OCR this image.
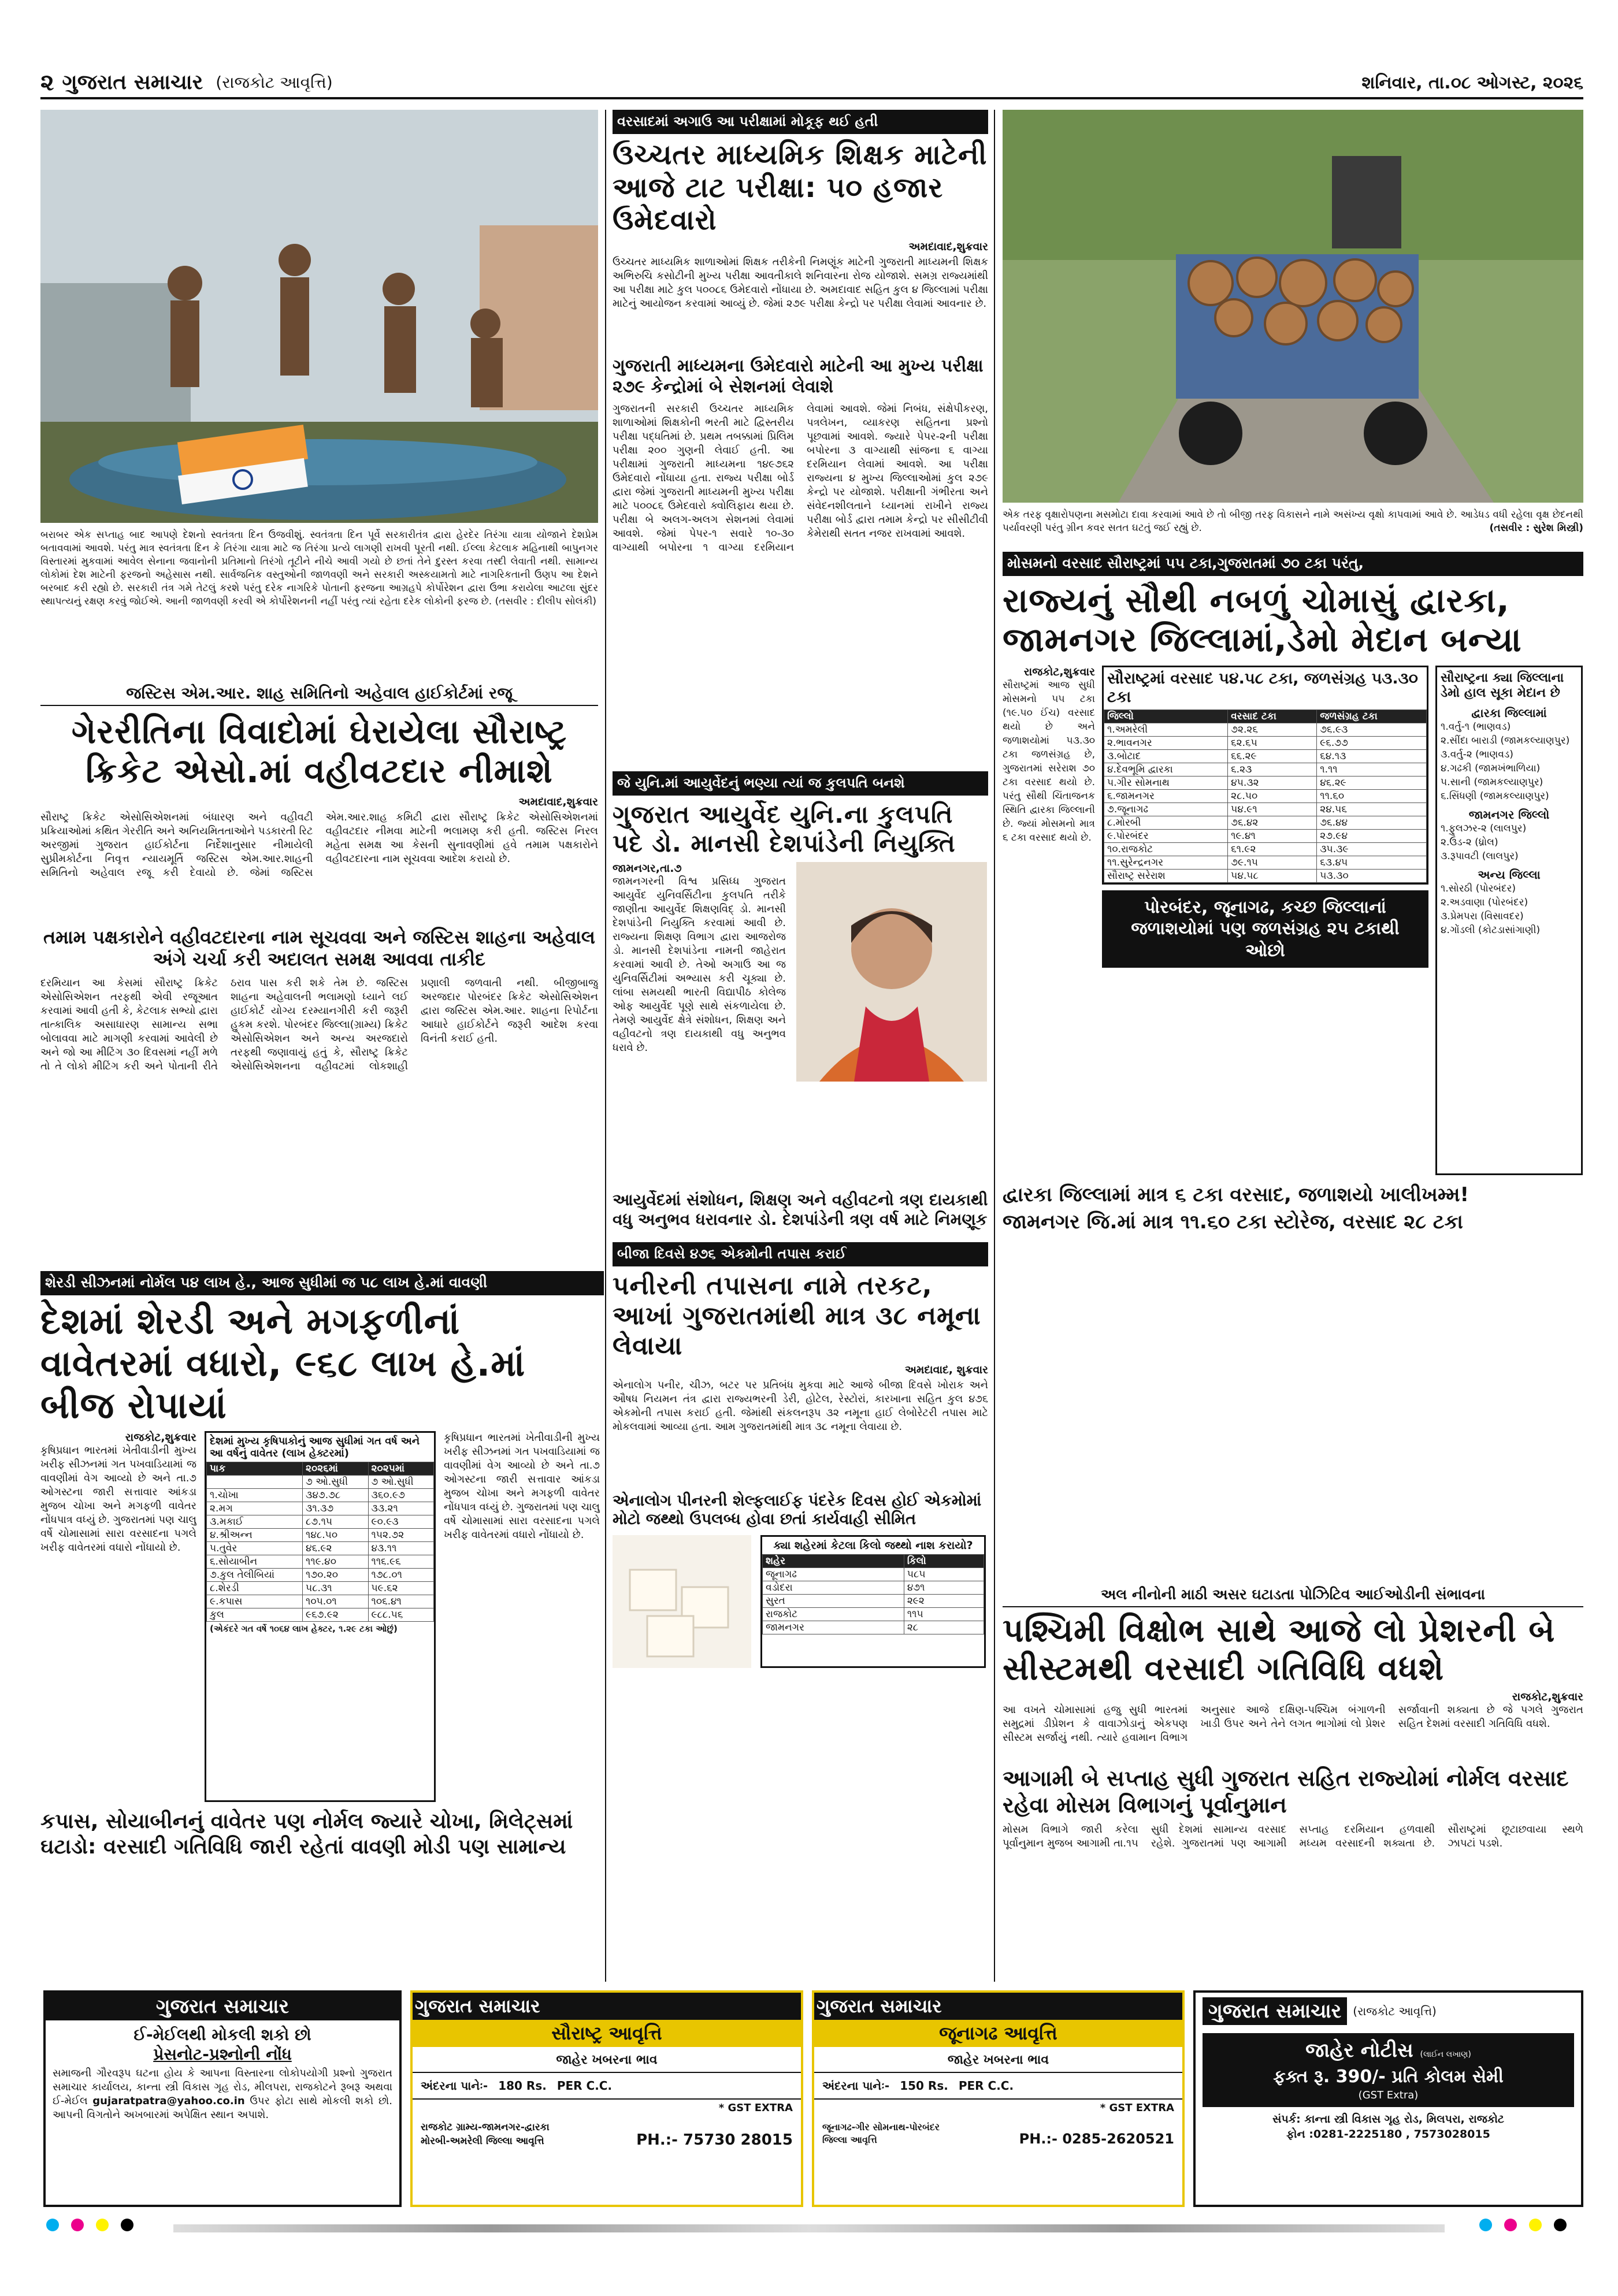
૨ ગુજરાત સમાચાર (રાજકોટ આવૃત્તિ)	શનિવાર, તા.૦૮ ઓગસ્ટ, ૨૦૨૬
બરાબર એક સપ્તાહ બાદ આપણે દેશનો સ્વતંત્રતા દિન ઉજવીશું. સ્વતંત્રતા દિન પૂર્વે સરકારીતંત્ર દ્વારા હેરદેર તિરંગા યાત્રા યોજાને દેશપ્રેમ બતાવવામાં આવશે. પરંતુ માત્ર સ્વતંત્રતા દિન કે તિરંગા યાત્રા માટે જ તિરંગા પ્રત્યે લાગણી રાખવી પૂરતી નથી. ઈલ્લા કેટલાક મહિનાથી બાપુનગર વિસ્તારમાં મુકવામાં આવેલ સેનાના જવાનોની પ્રતિમાનો તિરંગો તૂટીને નીચે આવી ગયો છે છતાં તેને દુરસ્ત કરવા તસ્દી લેવાતી નથી. સામાન્ય લોકોમાં દેશ માટેની ફરજનો અહેસાસ નથી. સાર્વજનિક વસ્તુઓની જાળવણી અને સરકારી અસ્કયામતો માટે નાગરિકતાની ઉણપ આ દેશને બરબાદ કરી રહ્યો છે. સરકારી તંત્ર ગમે તેટલું કરશે પરંતુ દરેક નાગરિકે પોતાની ફરજના આગ્રહપે કોર્પોરેશન દ્વારા ઉભા કરાયેલા આટલા સુંદર સ્થાપત્યનું રક્ષણ કરવું જોઈએ. આની જાળવણી કરવી એ કોર્પોરેશનની નહીં પરંતુ ત્યાં રહેતા દરેક લોકોની ફરજ છે. (તસવીર : દીલીપ સોલંકી)
જસ્ટિસ એમ.આર. શાહ સમિતિનો અહેવાલ હાઈકોર્ટમાં રજૂ
ગેરરીતિના વિવાદોમાં ઘેરાયેલા સૌરાષ્ટ્ર ક્રિકેટ એસો.માં વહીવટદાર નીમાશે
અમદાવાદ,શુક્રવાર
સૌરાષ્ટ્ર ક્રિકેટ એસોસિએશનમાં બંધારણ અને વહીવટી પ્રક્રિયાઓમાં કથિત ગેરરીતિ અને અનિયમિતતાઓને પડકારતી રિટ અરજીમાં ગુજરાત હાઈકોર્ટના નિર્દેશાનુસાર નીમાયેલી સુપ્રીમકોર્ટના નિવૃત્ત ન્યાયમૂર્તિ જસ્ટિસ એમ.આર.શાહની સમિતિનો અહેવાલ રજૂ કરી દેવાયો છે. જેમાં જસ્ટિસ એમ.આર.શાહ કમિટી દ્વારા સૌરાષ્ટ્ર ક્રિકેટ એસોસિએશનમાં વહીવટદાર નીમવા માટેની ભલામણ કરી હતી. જસ્ટિસ નિરલ મહેતા સમક્ષ આ કેસની સુનાવણીમાં હવે તમામ પક્ષકારોને વહીવટદારના નામ સૂચવવા આદેશ કરાયો છે.
તમામ પક્ષકારોને વહીવટદારના નામ સૂચવવા અને જસ્ટિસ શાહના અહેવાલ અંગે ચર્ચા કરી અદાલત સમક્ષ આવવા તાકીદ
દરમિયાન આ કેસમાં સૌરાષ્ટ્ર ક્રિકેટ એસોસિએશન તરફથી એવી રજૂઆત કરવામાં આવી હતી કે, કેટલાક સભ્યો દ્વારા તાત્કાલિક અસાધારણ સામાન્ય સભા બોલાવવા માટે માગણી કરવામાં આવેલી છે અને જો આ મીટિંગ ૩૦ દિવસમાં નહીં મળે તો તે લોકો મીટિંગ કરી અને પોતાની રીતે ઠરાવ પાસ કરી શકે તેમ છે. જસ્ટિસ શાહના અહેવાલની ભલામણો ધ્યાને લઈ હાઈકોર્ટ યોગ્ય દરમ્યાનગીરી કરી જરૂરી હુકમ કરશે. પોરબંદર જિલ્લા(ગ્રામ્ય) ક્રિકેટ એસોસિએશન અને અન્ય અરજદારો તરફથી જણાવાયું હતું કે, સૌરાષ્ટ્ર ક્રિકેટ એસોસિએશનના વહીવટમાં લોકશાહી પ્રણાલી જળવાતી નથી. બીજીબાજુ અરજદાર પોરબંદર ક્રિકેટ એસોસિએશન દ્વારા જસ્ટિસ એમ.આર. શાહના રિપોર્ટના આધારે હાઈકોર્ટને જરૂરી આદેશ કરવા વિનંતી કરાઈ હતી.
વરસાદમાં અગાઉ આ પરીક્ષામાં મોકૂફ થઈ હતી
ઉચ્ચતર માધ્યમિક શિક્ષક માટેની આજે ટાટ પરીક્ષા: ૫૦ હજાર ઉમેદવારો
અમદાવાદ,શુક્રવાર
ઉચ્ચતર માધ્યમિક શાળાઓમાં શિક્ષક તરીકેની નિમણૂંક માટેની ગુજરાતી માધ્યમની શિક્ષક અભિરુચિ કસોટીની મુખ્ય પરીક્ષા આવતીકાલે શનિવારના રોજ યોજાશે. સમગ્ર રાજ્યમાંથી આ પરીક્ષા માટે કુલ ૫૦૦૮૬ ઉમેદવારો નોંધાયા છે. અમદાવાદ સહિત કુલ ૪ જિલ્લામાં પરીક્ષા માટેનું આયોજન કરવામાં આવ્યું છે. જેમાં ૨૭૯ પરીક્ષા કેન્દ્રો પર પરીક્ષા લેવામાં આવનાર છે.
ગુજરાતી માધ્યમના ઉમેદવારો માટેની આ મુખ્ય પરીક્ષા ૨૭૯ કેન્દ્રોમાં બે સેશનમાં લેવાશે
ગુજરાતની સરકારી ઉચ્ચતર માધ્યમિક શાળાઓમાં શિક્ષકોની ભરતી માટે દ્વિસ્તરીય પરીક્ષા પદ્ધતિમાં છે. પ્રથમ તબક્કામાં પ્રિલિમ પરીક્ષા ૨૦૦ ગુણની લેવાઈ હતી. આ પરીક્ષામાં ગુજરાતી માધ્યમના ૧૪૯૭૬૨ ઉમેદવારો નોંધાયા હતા. રાજ્ય પરીક્ષા બોર્ડ દ્વારા જેમાં ગુજરાતી માધ્યમની મુખ્ય પરીક્ષા માટે ૫૦૦૮૬ ઉમેદવારો ક્વોલિફાય થયા છે. પરીક્ષા બે અલગ-અલગ સેશનમાં લેવામાં આવશે. જેમાં પેપર-૧ સવારે ૧૦-૩૦ વાગ્યાથી બપોરના ૧ વાગ્યા દરમિયાન લેવામાં આવશે. જેમાં નિબંધ, સંક્ષેપીકરણ, પત્રલેખન, વ્યાકરણ સહિતના પ્રશ્નો પૂછવામાં આવશે. જ્યારે પેપર-૨ની પરીક્ષા બપોરના ૩ વાગ્યાથી સાંજના ૬ વાગ્યા દરમિયાન લેવામાં આવશે. આ પરીક્ષા રાજ્યના ૪ મુખ્ય જિલ્લાઓમાં કુલ ૨૭૯ કેન્દ્રો પર યોજાશે. પરીક્ષાની ગંભીરતા અને સંવેદનશીલતાને ધ્યાનમાં રાખીને રાજ્ય પરીક્ષા બોર્ડ દ્વારા તમામ કેન્દ્રો પર સીસીટીવી કેમેરાથી સતત નજર રાખવામાં આવશે.
જે યુનિ.માં આયુર્વેદનું ભણ્યા ત્યાં જ કુલપતિ બનશે
ગુજરાત આયુર્વેદ યુનિ.ના કુલપતિ પદે ડો. માનસી દેશપાંડેની નિયુક્તિ
જામનગર,તા.૭
જામનગરની વિશ્વ પ્રસિધ્ધ ગુજરાત આયુર્વેદ યુનિવર્સિટીના કુલપતિ તરીકે જાણીતા આયુર્વેદ શિક્ષણવિદ્ ડો. માનસી દેશપાંડેની નિયુક્તિ કરવામાં આવી છે. રાજ્યના શિક્ષણ વિભાગ દ્વારા આજરોજ ડો. માનસી દેશપાંડેના નામની જાહેરાત કરવામાં આવી છે. તેઓ અગાઉ આ જ યુનિવર્સિટીમાં અભ્યાસ કરી ચૂક્યા છે. લાંબા સમયથી ભારતી વિદ્યાપીઠ કોલેજ ઓફ આયુર્વેદ પૂણે સાથે સંકળાયેલા છે. તેમણે આયુર્વેદ ક્ષેત્રે સંશોધન, શિક્ષણ અને વહીવટનો ત્રણ દાયકાથી વધુ અનુભવ ધરાવે છે.
આયુર્વેદમાં સંશોધન, શિક્ષણ અને વહીવટનો ત્રણ દાયકાથી વધુ અનુભવ ધરાવનાર ડો. દેશપાંડેની ત્રણ વર્ષ માટે નિમણૂક
બીજા દિવસે ૪૭૬ એકમોની તપાસ કરાઈ
પનીરની તપાસના નામે તરકટ, આખાં ગુજરાતમાંથી માત્ર ૩૮ નમૂના લેવાયા
અમદાવાદ, શુક્રવાર
એનાલોગ પનીર, ચીઝ, બટર પર પ્રતિબંધ મુકવા માટે આજે બીજા દિવસે ખોરાક અને ઔષધ નિયમન તંત્ર દ્વારા રાજ્યભરની ડેરી, હોટેલ, રેસ્ટોરાં, કારખાના સહિત કુલ ૪૭૬ એકમોની તપાસ કરાઈ હતી. જેમાંથી સંકલનરૂપ ૩૨ નમૂના હાઈ લેબોરેટરી તપાસ માટે મોકલવામાં આવ્યા હતા. આમ ગુજરાતમાંથી માત્ર ૩૮ નમૂના લેવાયા છે.
એનાલોગ પીનરની શેલ્ફલાઈફ પંદરેક દિવસ હોઈ એકમોમાં મોટો જથ્થો ઉપલબ્ધ હોવા છતાં કાર્યવાહી સીમિત
ક્યા શહેરમાં કેટલા કિલો જથ્થો નાશ કરાયો?
શહેર	કિલો
જૂનાગઢ	૫૮૫
વડોદરા	૪૭૧
સુરત	૨૯૨
રાજકોટ	૧૧૫
જામનગર	૨૮
શેરડી સીઝનમાં નોર્મલ ૫૪ લાખ હે., આજ સુધીમાં જ ૫૮ લાખ હે.માં વાવણી
દેશમાં શેરડી અને મગફળીનાં વાવેતરમાં વધારો, ૯૬૮ લાખ હે.માં બીજ રોપાયાં
રાજકોટ,શુક્રવાર
કૃષિપ્રધાન ભારતમાં ખેતીવાડીની મુખ્ય ખરીફ સીઝનમાં ગત પખવાડિયામાં જ વાવણીમાં વેગ આવ્યો છે અને તા.૭ ઓગસ્ટના જારી સત્તાવાર આંકડા મુજબ ચોખા અને મગફળી વાવેતર નોંધપાત્ર વધ્યું છે. ગુજરાતમાં પણ ચાલુ વર્ષે ચોમાસામાં સારા વરસાદના પગલે ખરીફ વાવેતરમાં વધારો નોંધાયો છે.
દેશમાં મુખ્ય કૃષિપાકોનું આજ સુધીમાં ગત વર્ષ અને આ વર્ષનું વાવેતર (લાખ હેક્ટરમાં)
પાક	૨૦૨૬માં	૨૦૨૫માં
	૭ ઓ.સુધી	૭ ઓ.સુધી
૧.ચોખા	૩૪૭.૭૮	૩૬૦.૯૭
૨.મગ	૩૧.૩૭	૩૩.૨૧
૩.મકાઈ	૮૭.૧૫	૯૦.૯૩
૪.શ્રીઅન્ન	૧૪૮.૫૦	૧૫૨.૭૨
૫.તુવેર	૪૬.૯૨	૪૩.૧૧
૬.સોયાબીન	૧૧૯.૪૦	૧૧૬.૯૬
૭.કુલ તેલીબિયાં	૧૭૦.૨૦	૧૭૮.૦૧
૮.શેરડી	૫૮.૩૧	૫૯.૬૨
૯.કપાસ	૧૦૫.૦૧	૧૦૬.૪૧
કુલ	૯૬૭.૯૨	૯૮૮.૫૬
(એકંદરે ગત વર્ષે ૧૦૬૪ લાખ હેક્ટર, ૧.૨૯ ટકા ઓછું)
કૃષિપ્રધાન ભારતમાં ખેતીવાડીની મુખ્ય ખરીફ સીઝનમાં ગત પખવાડિયામાં જ વાવણીમાં વેગ આવ્યો છે અને તા.૭ ઓગસ્ટના જારી સત્તાવાર આંકડા મુજબ ચોખા અને મગફળી વાવેતર નોંધપાત્ર વધ્યું છે. ગુજરાતમાં પણ ચાલુ વર્ષે ચોમાસામાં સારા વરસાદના પગલે ખરીફ વાવેતરમાં વધારો નોંધાયો છે.
કપાસ, સોયાબીનનું વાવેતર પણ નોર્મલ જ્યારે ચોખા, મિલેટ્સમાં ઘટાડો: વરસાદી ગતિવિધિ જારી રહેતાં વાવણી મોડી પણ સામાન્ય
એક તરફ વૃક્ષારોપણના મસમોટા દાવા કરવામાં આવે છે તો બીજી તરફ વિકાસને નામે અસંખ્ય વૃક્ષો કાપવામાં આવે છે. આડેધડ વધી રહેલા વૃક્ષ છેદનથી પર્યાવરણી પરંતુ ગ્રીન કવર સતત ઘટતું જઈ રહ્યું છે.	(તસવીર : સુરેશ મિસ્ત્રી)
મોસમનો વરસાદ સૌરાષ્ટ્રમાં ૫૫ ટકા,ગુજરાતમાં ૭૦ ટકા પરંતુ,
રાજ્યનું સૌથી નબળું ચોમાસું દ્વારકા, જામનગર જિલ્લામાં,ડેમો મેદાન બન્યા
રાજકોટ,શુક્રવાર
સૌરાષ્ટ્રમાં આજ સુધી મોસમનો ૫૫ ટકા (૧૯.૫૦ ઈંચ) વરસાદ થયો છે અને જળાશયોમાં ૫૩.૩૦ ટકા જળસંગ્રહ છે, ગુજરાતમાં સરેરાશ ૭૦ ટકા વરસાદ થયો છે. પરંતુ સૌથી ચિંતાજનક સ્થિતિ દ્વારકા જિલ્લાની છે. જ્યાં મોસમનો માત્ર ૬ ટકા વરસાદ થયો છે.
સૌરાષ્ટ્રમાં વરસાદ ૫૪.૫૮ ટકા, જળસંગ્રહ ૫૩.૩૦ ટકા
જિલ્લો	વરસાદ ટકા	જળસંગ્રહ ટકા
૧.અમરેલી	૭૨.૨૬	૭૬.૯૩
૨.ભાવનગર	૬૨.૬૫	૯૬.૭૭
૩.બોટાદ	૬૬.૨૯	૬૪.૧૩
૪.દેવભૂમિ દ્વારકા	૬.૨૩	૧.૧૧
૫.ગીર સોમનાથ	૪૫.૩૨	૪૬.૨૯
૬.જામનગર	૨૮.૫૦	૧૧.૬૦
૭.જૂનાગઢ	૫૪.૯૧	૨૪.૫૬
૮.મોરબી	૭૬.૪૨	૭૬.૪૪
૯.પોરબંદર	૧૯.૪૧	૨૭.૯૪
૧૦.રાજકોટ	૬૧.૯૨	૩૫.૩૯
૧૧.સુરેન્દ્રનગર	૭૯.૧૫	૬૩.૪૫
સૌરાષ્ટ્ર સરેરાશ	૫૪.૫૮	૫૩.૩૦
પોરબંદર, જૂનાગઢ, કચ્છ જિલ્લાનાં જળાશયોમાં પણ જળસંગ્રહ ૨૫ ટકાથી ઓછો
સૌરાષ્ટ્રના ક્યા જિલ્લાના ડેમો હાલ સૂકા મેદાન છે
દ્વારકા જિલ્લામાં
૧.વર્તુ-૧ (ભાણવડ)
૨.સીંદા બારાડી (જામકલ્યાણપુર)
૩.વર્તુ-૨ (ભાણવડ)
૪.ગઢકી (જામખંભાળિયા)
૫.સાની (જામકલ્યાણપુર)
૬.સિંધણી (જામકલ્યાણપુર)
જામનગર જિલ્લો
૧.ફુલઝર-૨ (લાલપુર)
૨.ઉંડ-૨ (ધ્રોલ)
૩.રૂપાવટી (લાલપુર)
અન્ય જિલ્લા
૧.સોરઠી (પોરબંદર)
૨.અડવાણા (પોરબંદર)
૩.પ્રેમપરા (વિસાવદર)
૪.ગોંડલી (કોટડાસાંગાણી)
દ્વારકા જિલ્લામાં માત્ર ૬ ટકા વરસાદ, જળાશયો ખાલીખમ્મ!
જામનગર જિ.માં માત્ર ૧૧.૬૦ ટકા સ્ટોરેજ, વરસાદ ૨૮ ટકા
અલ નીનોની માઠી અસર ઘટાડતા પોઝિટિવ આઈઓડીની સંભાવના
પશ્ચિમી વિક્ષોભ સાથે આજે લો પ્રેશરની બે સીસ્ટમથી વરસાદી ગતિવિધિ વધશે
રાજકોટ,શુક્રવાર
આ વખતે ચોમાસામાં હજુ સુધી ભારતમાં સમુદ્રમાં ડીપ્રેશન કે વાવાઝોડાનું એકપણ સીસ્ટમ સર્જાયું નથી. ત્યારે હવામાન વિભાગ અનુસાર આજે દક્ષિણ-પશ્ચિમ બંગાળની ખાડી ઉપર અને તેને લગત ભાગોમાં લો પ્રેશર સર્જાવાની શક્યતા છે જે પગલે ગુજરાત સહિત દેશમાં વરસાદી ગતિવિધિ વધશે.
આગામી બે સપ્તાહ સુધી ગુજરાત સહિત રાજ્યોમાં નોર્મલ વરસાદ રહેવા મોસમ વિભાગનું પૂર્વાનુમાન
મોસમ વિભાગે જારી કરેલા પૂર્વાનુમાન મુજબ આગામી તા.૧૫ સુધી દેશમાં સામાન્ય વરસાદ રહેશે. ગુજરાતમાં પણ આગામી સપ્તાહ દરમિયાન હળવાથી મધ્યમ વરસાદની શક્યતા છે. સૌરાષ્ટ્રમાં છૂટાછવાયા સ્થળે ઝાપટાં પડશે.
ગુજરાત સમાચાર
ઈ-મેઈલથી મોકલી શકો છો
પ્રેસનોટ-પ્રશ્નોની નોંધ
સમાજની ગૌરવરૂપ ઘટના હોય કે આપના વિસ્તારના લોકોપયોગી પ્રશ્નો ગુજરાત સમાચાર કાર્યાલય, કાન્તા સ્ત્રી વિકાસ ગૃહ રોડ, મીલપરા, રાજકોટને રૂબરૂ અથવા ઈ-મેઈલ gujaratpatra@yahoo.co.in ઉપર ફોટા સાથે મોકલી શકો છો. આપની વિગતોને અખબારમાં અપેક્ષિત સ્થાન અપાશે.
ગુજરાત સમાચાર
સૌરાષ્ટ્ર આવૃત્તિ
જાહેર ખબરના ભાવ
અંદરના પાનેઃ- 180 Rs. PER C.C.
* GST EXTRA
રાજકોટ ગ્રામ્ય-જામનગર-દ્વારકા
મોરબી-અમરેલી જિલ્લા આવૃત્તિ	PH.:- 75730 28015
ગુજરાત સમાચાર
જૂનાગઢ આવૃત્તિ
જાહેર ખબરના ભાવ
અંદરના પાનેઃ- 150 Rs. PER C.C.
* GST EXTRA
જૂનાગઢ-ગીર સોમનાથ-પોરબંદર
જિલ્લા આવૃત્તિ	PH.:- 0285-2620521
ગુજરાત સમાચાર	(રાજકોટ આવૃત્તિ)
જાહેર નોટીસ (લાઈન લખાણ)
ફક્ત રૂ. 390/- પ્રતિ કોલમ સેમી
(GST Extra)
સંપર્ક: કાન્તા સ્ત્રી વિકાસ ગૃહ રોડ, મિલપરા, રાજકોટ
ફોન :0281-2225180 , 7573028015
